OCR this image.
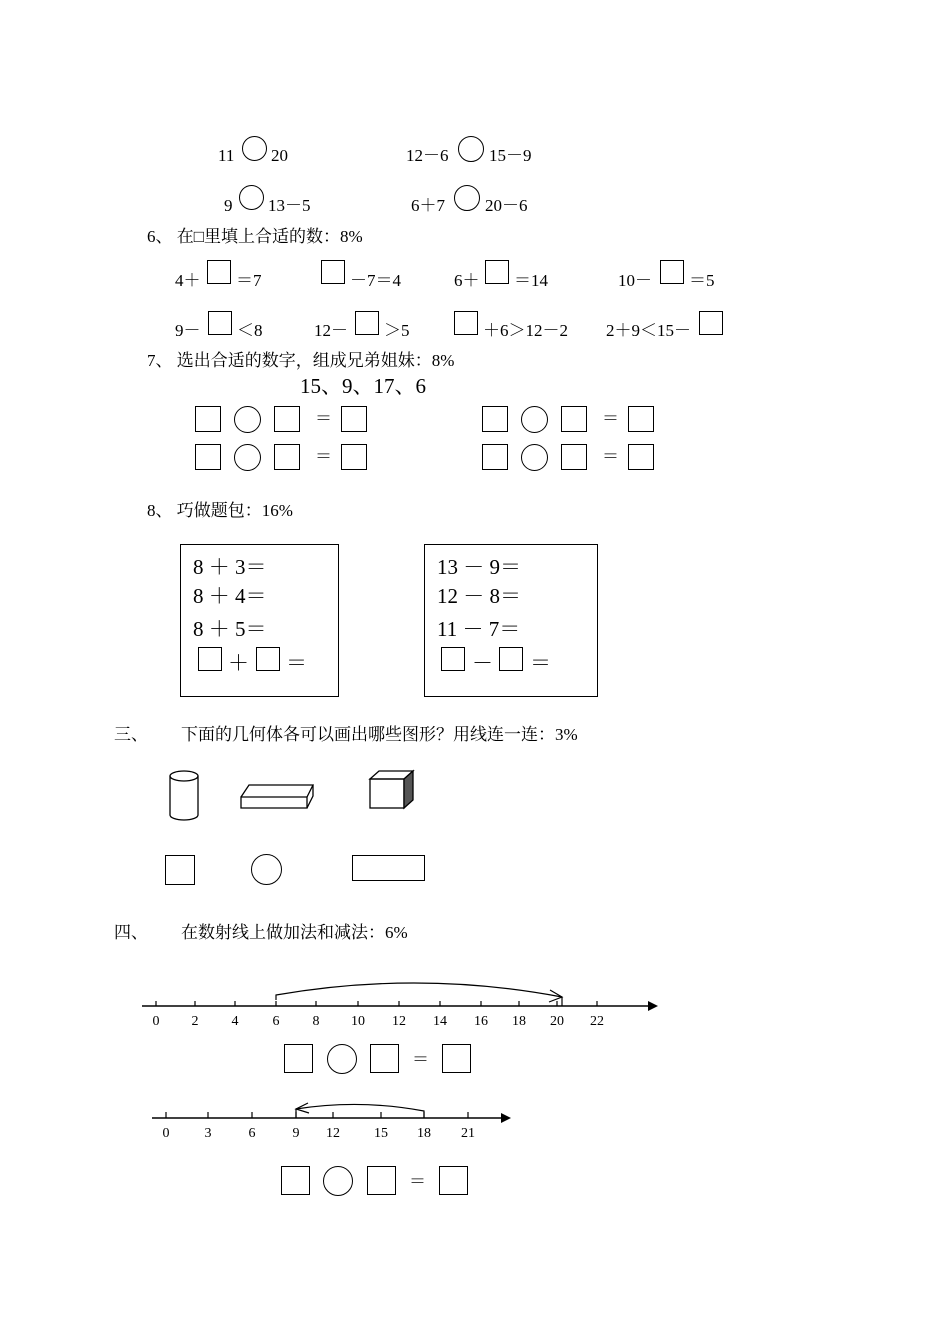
11 20	12－6 15－9
9 13－5	6＋7 20－6
6、 在□里填上合适的数：8%
4＋ ＝7	－7＝4	6＋ ＝14	10－ ＝5
9－ ＜8	12－ ＞5	＋6＞12－2 2＋9＜15－
7、 选出合适的数字，组成兄弟姐妹：8%
15、9、17、6
＝
＝
＝
＝
8、 巧做题包：16%
8 ＋ 3＝
8 ＋ 4＝
8 ＋ 5＝
＋ ＝
13 － 9＝
12 － 8＝
11 － 7＝
－ ＝
三、 下面的几何体各可以画出哪些图形？用线连一连：3%
四、 在数射线上做加法和减法：6%
0 2 4 6 8 10 12 14 16 18 20 22
＝
0	3	6	9 12 15 18 21
＝
